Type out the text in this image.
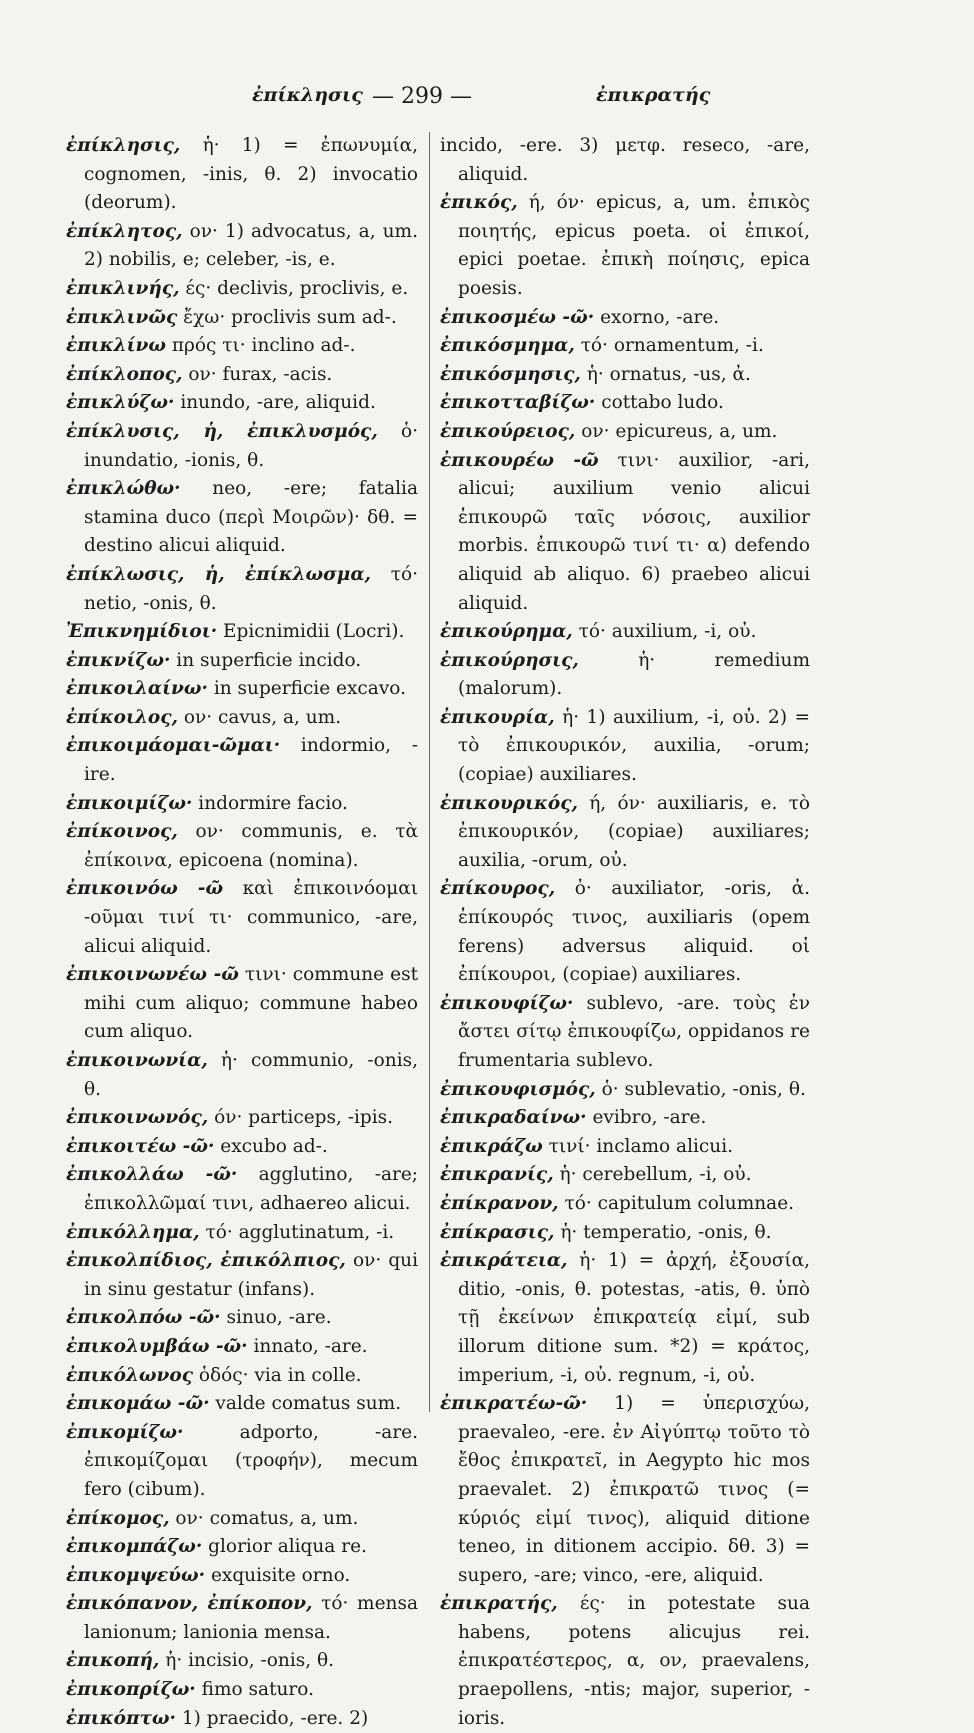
ἐπίκλησις — 299 —	ἐπικρατής

ἐπίκλησις, ἡ· 1) = ἐπωνυμία, cognomen, -inis, θ. 2) invocatio (deorum).

ἐπίκλητος, ον· 1) advocatus, a, um. 2) nobilis, e; celeber, -is, e.

ἐπικλινής, ές· declivis, proclivis, e.

ἐπικλινῶς ἔχω· proclivis sum ad-.

ἐπικλίνω πρός τι· inclino ad-.

ἐπίκλοπος, ον· furax, -acis.

ἐπικλύζω· inundo, -are, aliquid.

ἐπίκλυσις, ἡ, ἐπικλυσμός, ὁ· inundatio, -ionis, θ.

ἐπικλώθω· neo, -ere; fatalia stamina duco (περὶ Μοιρῶν)· δθ. = destino alicui aliquid.

ἐπίκλωσις, ἡ, ἐπίκλωσμα, τό· netio, -onis, θ.

Ἐπικνημίδιοι· Epicnimidii (Locri).

ἐπικνίζω· in superficie incido.

ἐπικοιλαίνω· in superficie excavo.

ἐπίκοιλος, ον· cavus, a, um.

ἐπικοιμάομαι-ῶμαι· indormio, -ire.

ἐπικοιμίζω· indormire facio.

ἐπίκοινος, ον· communis, e. τὰ ἐπίκοινα, epicoena (nomina).

ἐπικοινόω -ῶ καὶ ἐπικοινόομαι -οῦμαι τινί τι· communico, -are, alicui aliquid.

ἐπικοινωνέω -ῶ τινι· commune est mihi cum aliquo; commune habeo cum aliquo.

ἐπικοινωνία, ἡ· communio, -onis, θ.

ἐπικοινωνός, όν· particeps, -ipis.

ἐπικοιτέω -ῶ· excubo ad-.

ἐπικολλάω -ῶ· agglutino, -are; ἐπικολλῶμαί τινι, adhaereo alicui.

ἐπικόλλημα, τό· agglutinatum, -i.

ἐπικολπίδιος, ἐπικόλπιος, ον· qui in sinu gestatur (infans).

ἐπικολπόω -ῶ· sinuo, -are.

ἐπικολυμβάω -ῶ· innato, -are.

ἐπικόλωνος ὁδός· via in colle.

ἐπικομάω -ῶ· valde comatus sum.

ἐπικομίζω·	adporto, -are. ἐπικομίζομαι (τροφήν), mecum fero (cibum).

ἐπίκομος, ον· comatus, a, um.

ἐπικομπάζω· glorior aliqua re.

ἐπικομψεύω· exquisite orno.

ἐπικόπανον, ἐπίκοπον, τό· mensa lanionum; lanionia mensa.

ἐπικοπή, ἡ· incisio, -onis, θ.

ἐπικοπρίζω· fimo saturo.

ἐπικόπτω· 1) praecido, -ere. 2)

incido, -ere. 3) μετφ. reseco, -are, aliquid.

ἐπικός, ή, όν· epicus, a, um. ἐπικὸς ποιητής, epicus poeta. οἱ ἐπικοί, epici poetae. ἐπικὴ ποίησις, epica poesis.

ἐπικοσμέω -ῶ· exorno, -are.

ἐπικόσμημα, τό· ornamentum, -i.

ἐπικόσμησις, ἡ· ornatus, -us, ἀ.

ἐπικοτταβίζω· cottabo ludo.

ἐπικούρειος, ον· epicureus, a, um.

ἐπικουρέω -ῶ τινι· auxilior, -ari, alicui; auxilium venio alicui ἐπικουρῶ ταῖς νόσοις, auxilior morbis. ἐπικουρῶ τινί τι· α) defendo aliquid ab aliquo. 6) praebeo alicui aliquid.

ἐπικούρημα, τό· auxilium, -i, οὐ.

ἐπικούρησις,	ἡ· remedium (malorum).

ἐπικουρία, ἡ· 1) auxilium, -i, οὐ. 2) = τὸ ἐπικουρικόν, auxilia, -orum; (copiae) auxiliares.

ἐπικουρικός, ή, όν· auxiliaris, e. τὸ ἐπικουρικόν, (copiae) auxiliares; auxilia, -orum, οὐ.

ἐπίκουρος, ὁ· auxiliator, -oris, ἀ. ἐπίκουρός τινος, auxiliaris (opem ferens) adversus aliquid. οἱ ἐπίκουροι, (copiae) auxiliares.

ἐπικουφίζω· sublevo, -are. τοὺς ἐν ἄστει σίτῳ ἐπικουφίζω, oppidanos re frumentaria sublevo.

ἐπικουφισμός, ὁ· sublevatio, -onis, θ.

ἐπικραδαίνω· evibro, -are.

ἐπικράζω τινί· inclamo alicui.

ἐπικρανίς, ἡ· cerebellum, -i, οὐ.

ἐπίκρανον, τό· capitulum columnae.

ἐπίκρασις, ἡ· temperatio, -onis, θ.

ἐπικράτεια, ἡ· 1) = ἀρχή, ἐξουσία, ditio, -onis, θ. potestas, -atis, θ. ὑπὸ τῇ ἐκείνων ἐπικρατείᾳ εἰμί, sub illorum ditione sum. *2) = κράτος, imperium, -i, οὐ. regnum, -i, οὐ.

ἐπικρατέω-ῶ· 1) = ὑπερισχύω, praevaleo, -ere. ἐν Αἰγύπτῳ τοῦτο τὸ ἔθος ἐπικρατεῖ, in Aegypto hic mos praevalet. 2) ἐπικρατῶ τινος (= κύριός εἰμί τινος), aliquid ditione teneo, in ditionem accipio. δθ. 3) = supero, -are; vinco, -ere, aliquid.

ἐπικρατής, ές· in potestate sua habens, potens alicujus rei. ἐπικρατέστερος, α, ον, praevalens, praepollens, -ntis; major, superior, -ioris.
